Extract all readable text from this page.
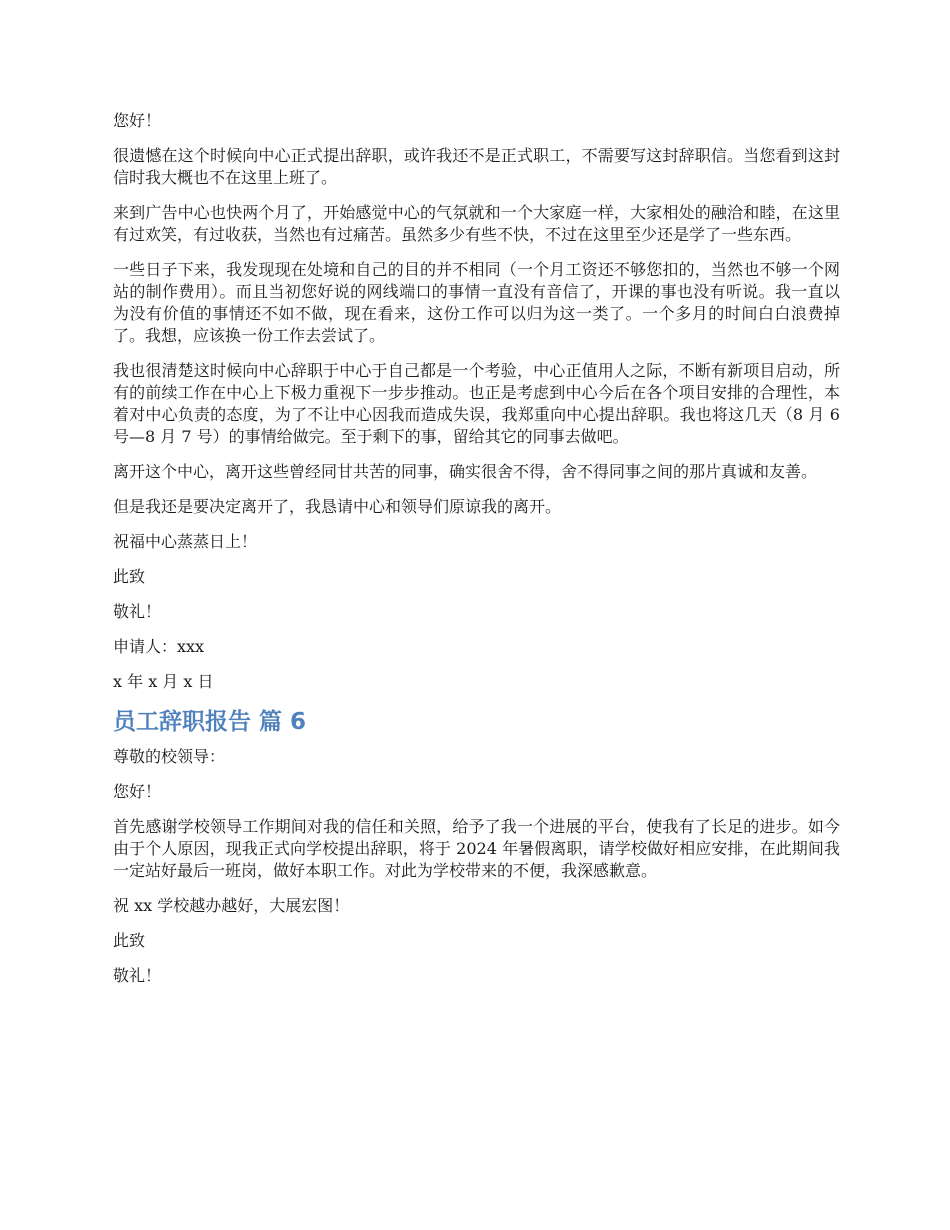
您好！

很遗憾在这个时候向中心正式提出辞职，或许我还不是正式职工，不需要写这封辞职信。当您看到这封信时我大概也不在这里上班了。

来到广告中心也快两个月了，开始感觉中心的气氛就和一个大家庭一样，大家相处的融洽和睦，在这里有过欢笑，有过收获，当然也有过痛苦。虽然多少有些不快，不过在这里至少还是学了一些东西。

一些日子下来，我发现现在处境和自己的目的并不相同（一个月工资还不够您扣的，当然也不够一个网站的制作费用）。而且当初您好说的网线端口的事情一直没有音信了，开课的事也没有听说。我一直以为没有价值的事情还不如不做，现在看来，这份工作可以归为这一类了。一个多月的时间白白浪费掉了。我想，应该换一份工作去尝试了。

我也很清楚这时候向中心辞职于中心于自己都是一个考验，中心正值用人之际，不断有新项目启动，所有的前续工作在中心上下极力重视下一步步推动。也正是考虑到中心今后在各个项目安排的合理性，本着对中心负责的态度，为了不让中心因我而造成失误，我郑重向中心提出辞职。我也将这几天（8 月 6 号—8 月 7 号）的事情给做完。至于剩下的事，留给其它的同事去做吧。

离开这个中心，离开这些曾经同甘共苦的同事，确实很舍不得，舍不得同事之间的那片真诚和友善。

但是我还是要决定离开了，我恳请中心和领导们原谅我的离开。

祝福中心蒸蒸日上！

此致

敬礼！

申请人：xxx

x 年 x 月 x 日

员工辞职报告 篇 6

尊敬的校领导：

您好！

首先感谢学校领导工作期间对我的信任和关照，给予了我一个进展的平台，使我有了长足的进步。如今由于个人原因，现我正式向学校提出辞职，将于 2024 年暑假离职，请学校做好相应安排，在此期间我一定站好最后一班岗，做好本职工作。对此为学校带来的不便，我深感歉意。

祝 xx 学校越办越好，大展宏图！

此致

敬礼！
